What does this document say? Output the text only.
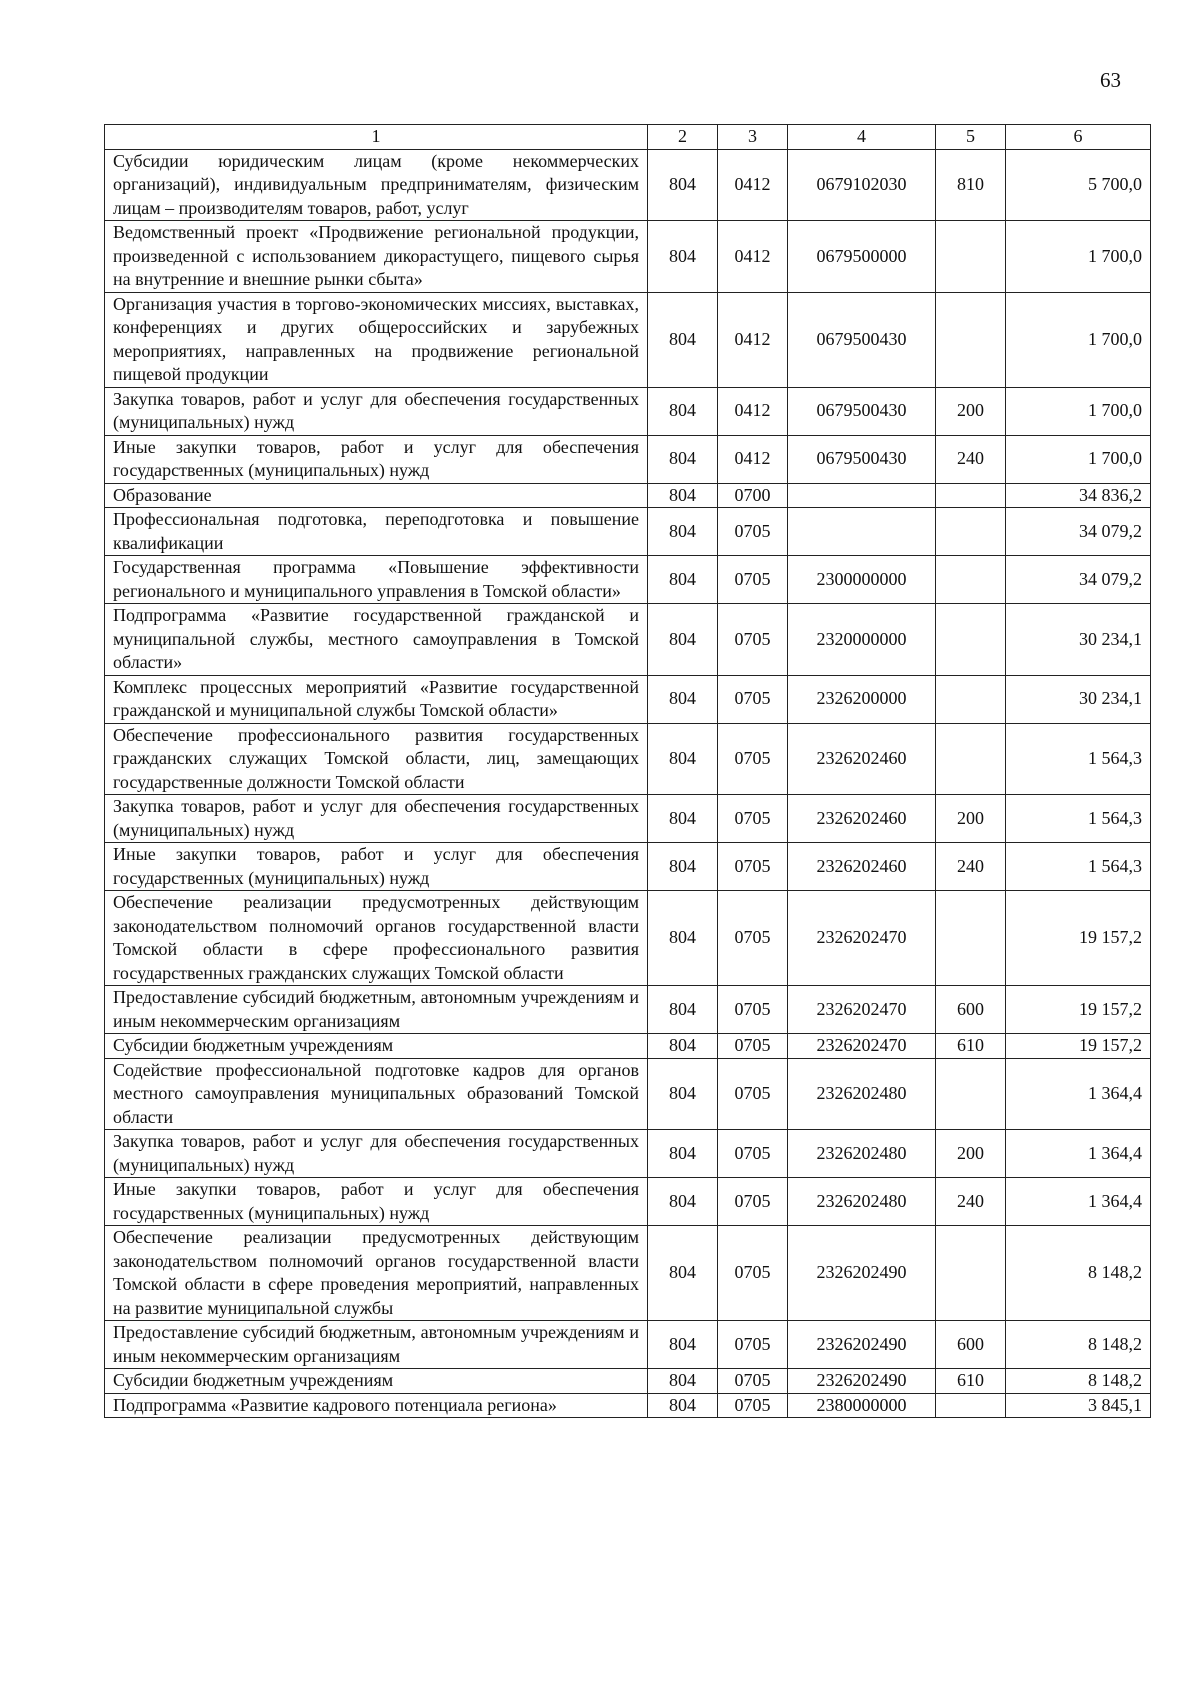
63
1	2	3	4	5	6
Субсидии юридическим лицам (кроме некоммерческих организаций), индивидуальным предпринимателям, физическим лицам – производителям товаров, работ, услуг	804	0412	0679102030	810	5 700,0
Ведомственный проект «Продвижение региональной продукции, произведенной с использованием дикорастущего, пищевого сырья на внутренние и внешние рынки сбыта»	804	0412	0679500000		1 700,0
Организация участия в торгово-экономических миссиях, выставках, конференциях и других общероссийских и зарубежных мероприятиях, направленных на продвижение региональной пищевой продукции	804	0412	0679500430		1 700,0
Закупка товаров, работ и услуг для обеспечения государственных (муниципальных) нужд	804	0412	0679500430	200	1 700,0
Иные закупки товаров, работ и услуг для обеспечения государственных (муниципальных) нужд	804	0412	0679500430	240	1 700,0
Образование	804	0700			34 836,2
Профессиональная подготовка, переподготовка и повышение квалификации	804	0705			34 079,2
Государственная программа «Повышение эффективности регионального и муниципального управления в Томской области»	804	0705	2300000000		34 079,2
Подпрограмма «Развитие государственной гражданской и муниципальной службы, местного самоуправления в Томской области»	804	0705	2320000000		30 234,1
Комплекс процессных мероприятий «Развитие государственной гражданской и муниципальной службы Томской области»	804	0705	2326200000		30 234,1
Обеспечение профессионального развития государственных гражданских служащих Томской области, лиц, замещающих государственные должности Томской области	804	0705	2326202460		1 564,3
Закупка товаров, работ и услуг для обеспечения государственных (муниципальных) нужд	804	0705	2326202460	200	1 564,3
Иные закупки товаров, работ и услуг для обеспечения государственных (муниципальных) нужд	804	0705	2326202460	240	1 564,3
Обеспечение реализации предусмотренных действующим законодательством полномочий органов государственной власти Томской области в сфере профессионального развития государственных гражданских служащих Томской области	804	0705	2326202470		19 157,2
Предоставление субсидий бюджетным, автономным учреждениям и иным некоммерческим организациям	804	0705	2326202470	600	19 157,2
Субсидии бюджетным учреждениям	804	0705	2326202470	610	19 157,2
Содействие профессиональной подготовке кадров для органов местного самоуправления муниципальных образований Томской области	804	0705	2326202480		1 364,4
Закупка товаров, работ и услуг для обеспечения государственных (муниципальных) нужд	804	0705	2326202480	200	1 364,4
Иные закупки товаров, работ и услуг для обеспечения государственных (муниципальных) нужд	804	0705	2326202480	240	1 364,4
Обеспечение реализации предусмотренных действующим законодательством полномочий органов государственной власти Томской области в сфере проведения мероприятий, направленных на развитие муниципальной службы	804	0705	2326202490		8 148,2
Предоставление субсидий бюджетным, автономным учреждениям и иным некоммерческим организациям	804	0705	2326202490	600	8 148,2
Субсидии бюджетным учреждениям	804	0705	2326202490	610	8 148,2
Подпрограмма «Развитие кадрового потенциала региона»	804	0705	2380000000		3 845,1
